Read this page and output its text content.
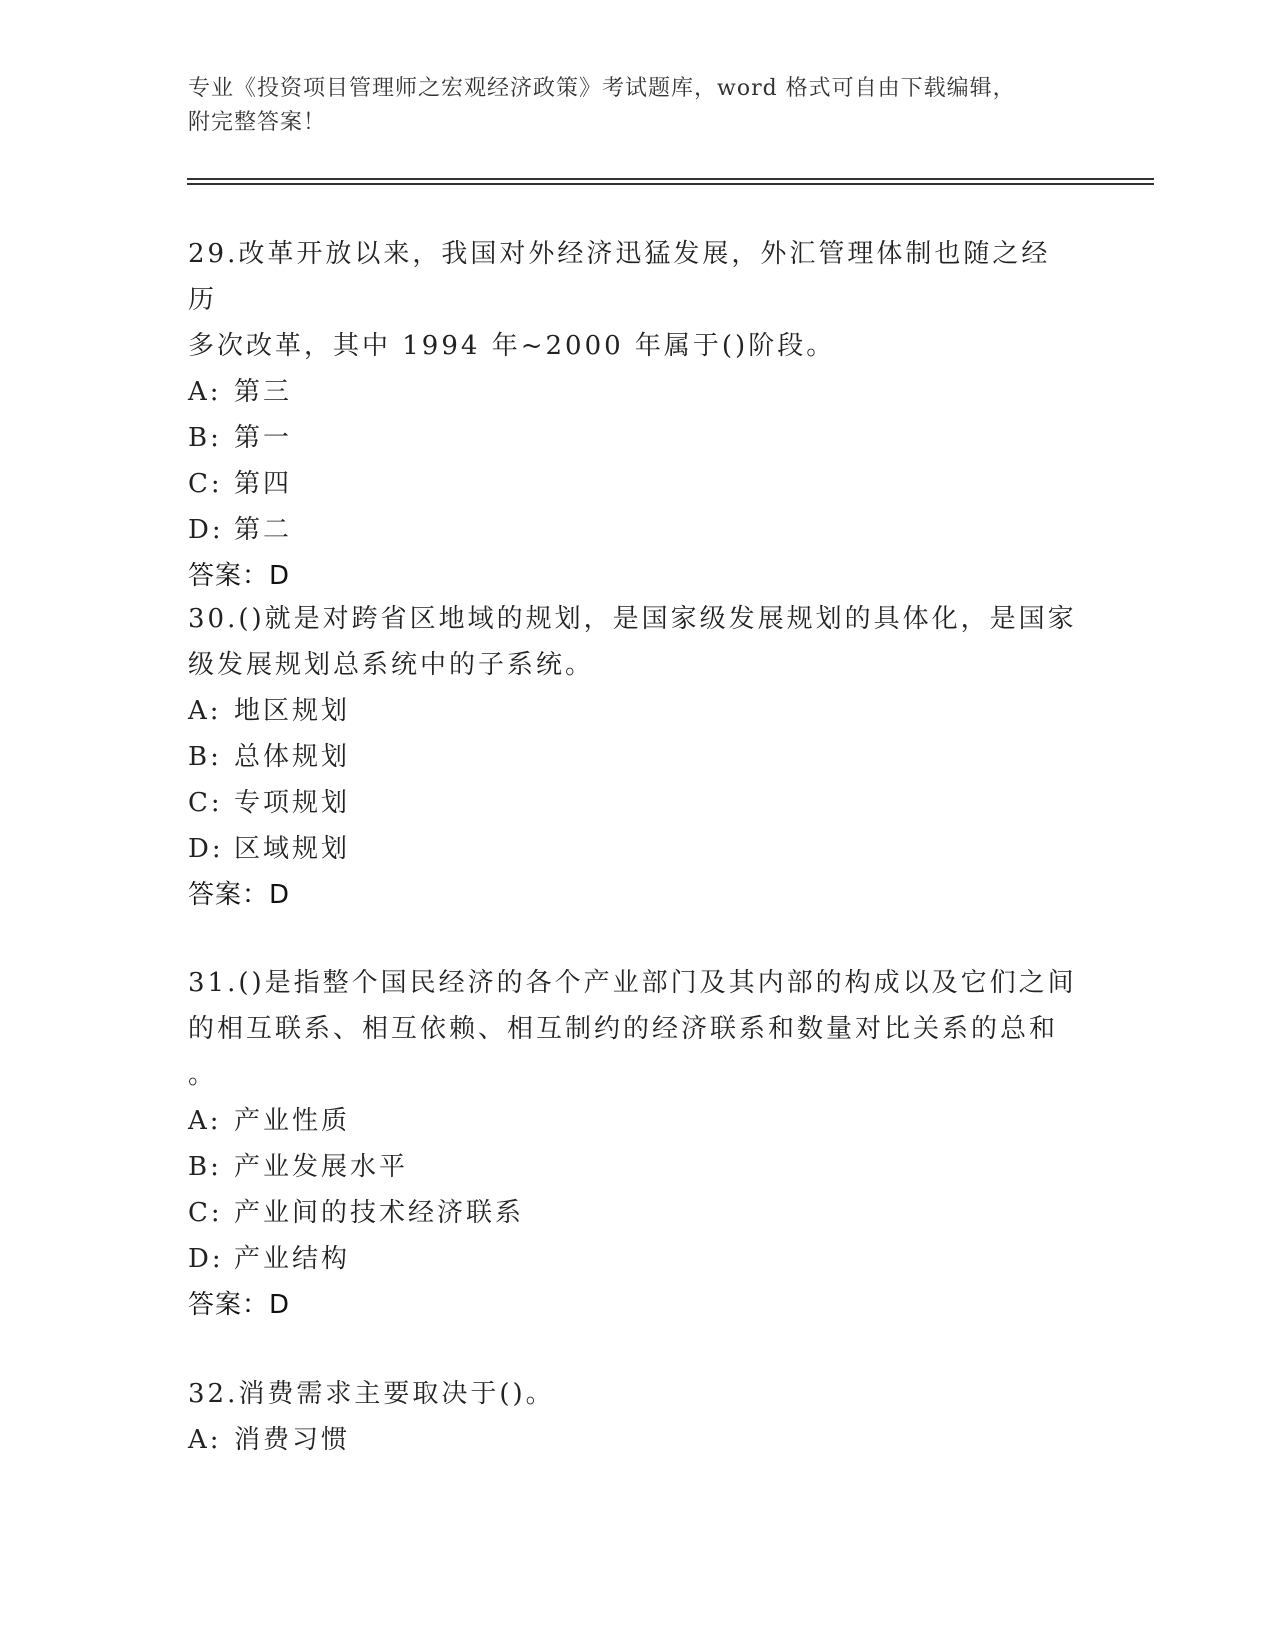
专业《投资项目管理师之宏观经济政策》考试题库，word 格式可自由下载编辑，
附完整答案！
29.改革开放以来，我国对外经济迅猛发展，外汇管理体制也随之经历
多次改革，其中 1994 年~2000 年属于()阶段。
A: 第三
B: 第一
C: 第四
D: 第二
答案：D
30.()就是对跨省区地域的规划，是国家级发展规划的具体化，是国家
级发展规划总系统中的子系统。
A: 地区规划
B: 总体规划
C: 专项规划
D: 区域规划
答案：D
31.()是指整个国民经济的各个产业部门及其内部的构成以及它们之间
的相互联系、相互依赖、相互制约的经济联系和数量对比关系的总和
。
A: 产业性质
B: 产业发展水平
C: 产业间的技术经济联系
D: 产业结构
答案：D
32.消费需求主要取决于()。
A: 消费习惯
